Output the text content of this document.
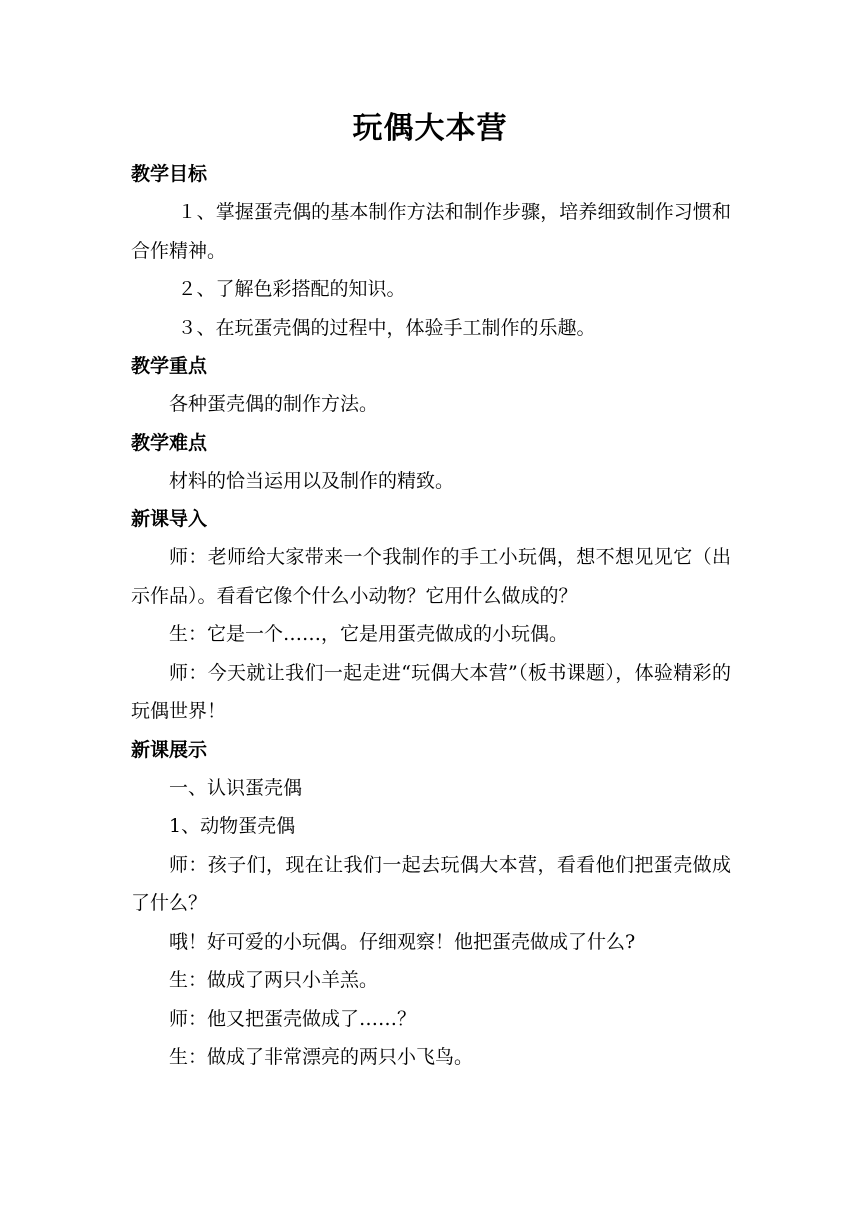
玩偶大本营
教学目标
１、掌握蛋壳偶的基本制作方法和制作步骤，培养细致制作习惯和合作精神。
２、了解色彩搭配的知识。
３、在玩蛋壳偶的过程中，体验手工制作的乐趣。
教学重点
各种蛋壳偶的制作方法。
教学难点
材料的恰当运用以及制作的精致。
新课导入
师：老师给大家带来一个我制作的手工小玩偶，想不想见见它（出示作品）。看看它像个什么小动物？它用什么做成的？
生：它是一个……，它是用蛋壳做成的小玩偶。
师：今天就让我们一起走进“玩偶大本营”（板书课题），体验精彩的玩偶世界！
新课展示
一、认识蛋壳偶
1、动物蛋壳偶
师：孩子们，现在让我们一起去玩偶大本营，看看他们把蛋壳做成了什么？
哦！好可爱的小玩偶。仔细观察！他把蛋壳做成了什么?
生：做成了两只小羊羔。
师：他又把蛋壳做成了……？
生：做成了非常漂亮的两只小飞鸟。
